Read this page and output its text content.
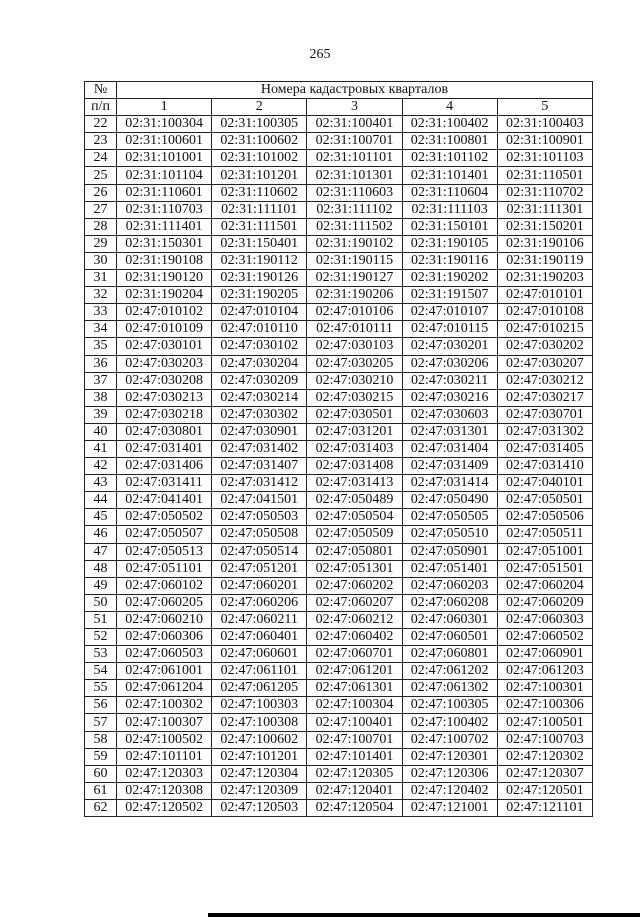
265
№	Номера кадастровых кварталов				
п/п	1	2	3	4	5
22	02:31:100304	02:31:100305	02:31:100401	02:31:100402	02:31:100403
23	02:31:100601	02:31:100602	02:31:100701	02:31:100801	02:31:100901
24	02:31:101001	02:31:101002	02:31:101101	02:31:101102	02:31:101103
25	02:31:101104	02:31:101201	02:31:101301	02:31:101401	02:31:110501
26	02:31:110601	02:31:110602	02:31:110603	02:31:110604	02:31:110702
27	02:31:110703	02:31:111101	02:31:111102	02:31:111103	02:31:111301
28	02:31:111401	02:31:111501	02:31:111502	02:31:150101	02:31:150201
29	02:31:150301	02:31:150401	02:31:190102	02:31:190105	02:31:190106
30	02:31:190108	02:31:190112	02:31:190115	02:31:190116	02:31:190119
31	02:31:190120	02:31:190126	02:31:190127	02:31:190202	02:31:190203
32	02:31:190204	02:31:190205	02:31:190206	02:31:191507	02:47:010101
33	02:47:010102	02:47:010104	02:47:010106	02:47:010107	02:47:010108
34	02:47:010109	02:47:010110	02:47:010111	02:47:010115	02:47:010215
35	02:47:030101	02:47:030102	02:47:030103	02:47:030201	02:47:030202
36	02:47:030203	02:47:030204	02:47:030205	02:47:030206	02:47:030207
37	02:47:030208	02:47:030209	02:47:030210	02:47:030211	02:47:030212
38	02:47:030213	02:47:030214	02:47:030215	02:47:030216	02:47:030217
39	02:47:030218	02:47:030302	02:47:030501	02:47:030603	02:47:030701
40	02:47:030801	02:47:030901	02:47:031201	02:47:031301	02:47:031302
41	02:47:031401	02:47:031402	02:47:031403	02:47:031404	02:47:031405
42	02:47:031406	02:47:031407	02:47:031408	02:47:031409	02:47:031410
43	02:47:031411	02:47:031412	02:47:031413	02:47:031414	02:47:040101
44	02:47:041401	02:47:041501	02:47:050489	02:47:050490	02:47:050501
45	02:47:050502	02:47:050503	02:47:050504	02:47:050505	02:47:050506
46	02:47:050507	02:47:050508	02:47:050509	02:47:050510	02:47:050511
47	02:47:050513	02:47:050514	02:47:050801	02:47:050901	02:47:051001
48	02:47:051101	02:47:051201	02:47:051301	02:47:051401	02:47:051501
49	02:47:060102	02:47:060201	02:47:060202	02:47:060203	02:47:060204
50	02:47:060205	02:47:060206	02:47:060207	02:47:060208	02:47:060209
51	02:47:060210	02:47:060211	02:47:060212	02:47:060301	02:47:060303
52	02:47:060306	02:47:060401	02:47:060402	02:47:060501	02:47:060502
53	02:47:060503	02:47:060601	02:47:060701	02:47:060801	02:47:060901
54	02:47:061001	02:47:061101	02:47:061201	02:47:061202	02:47:061203
55	02:47:061204	02:47:061205	02:47:061301	02:47:061302	02:47:100301
56	02:47:100302	02:47:100303	02:47:100304	02:47:100305	02:47:100306
57	02:47:100307	02:47:100308	02:47:100401	02:47:100402	02:47:100501
58	02:47:100502	02:47:100602	02:47:100701	02:47:100702	02:47:100703
59	02:47:101101	02:47:101201	02:47:101401	02:47:120301	02:47:120302
60	02:47:120303	02:47:120304	02:47:120305	02:47:120306	02:47:120307
61	02:47:120308	02:47:120309	02:47:120401	02:47:120402	02:47:120501
62	02:47:120502	02:47:120503	02:47:120504	02:47:121001	02:47:121101
